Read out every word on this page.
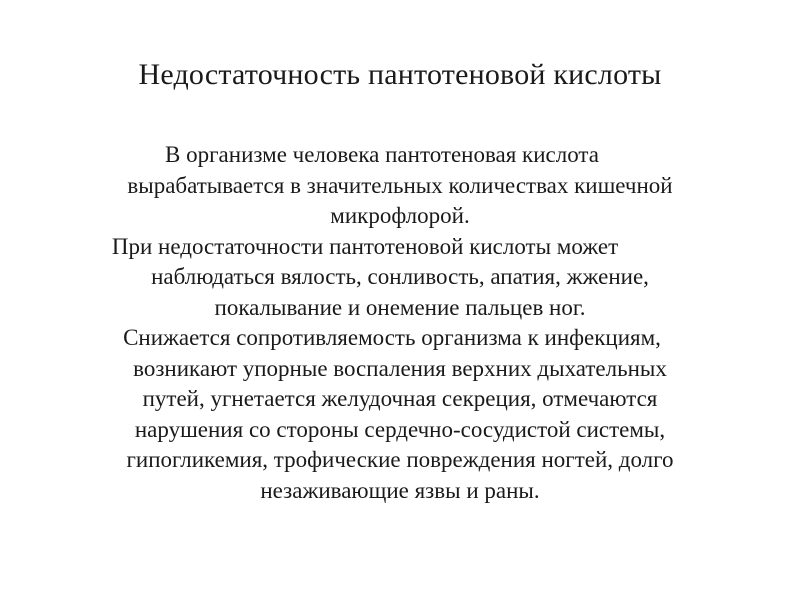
Недостаточность пантотеновой кислоты

В организме человека пантотеновая кислота
вырабатывается в значительных количествах кишечной
микрофлорой.

При недостаточности пантотеновой кислоты может
наблюдаться вялость, сонливость, апатия, жжение,
покалывание и онемение пальцев ног.

Снижается сопротивляемость организма к инфекциям,
возникают упорные воспаления верхних дыхательных
путей, угнетается желудочная секреция, отмечаются
нарушения со стороны сердечно-сосудистой системы,
гипогликемия, трофические повреждения ногтей, долго
незаживающие язвы и раны.
